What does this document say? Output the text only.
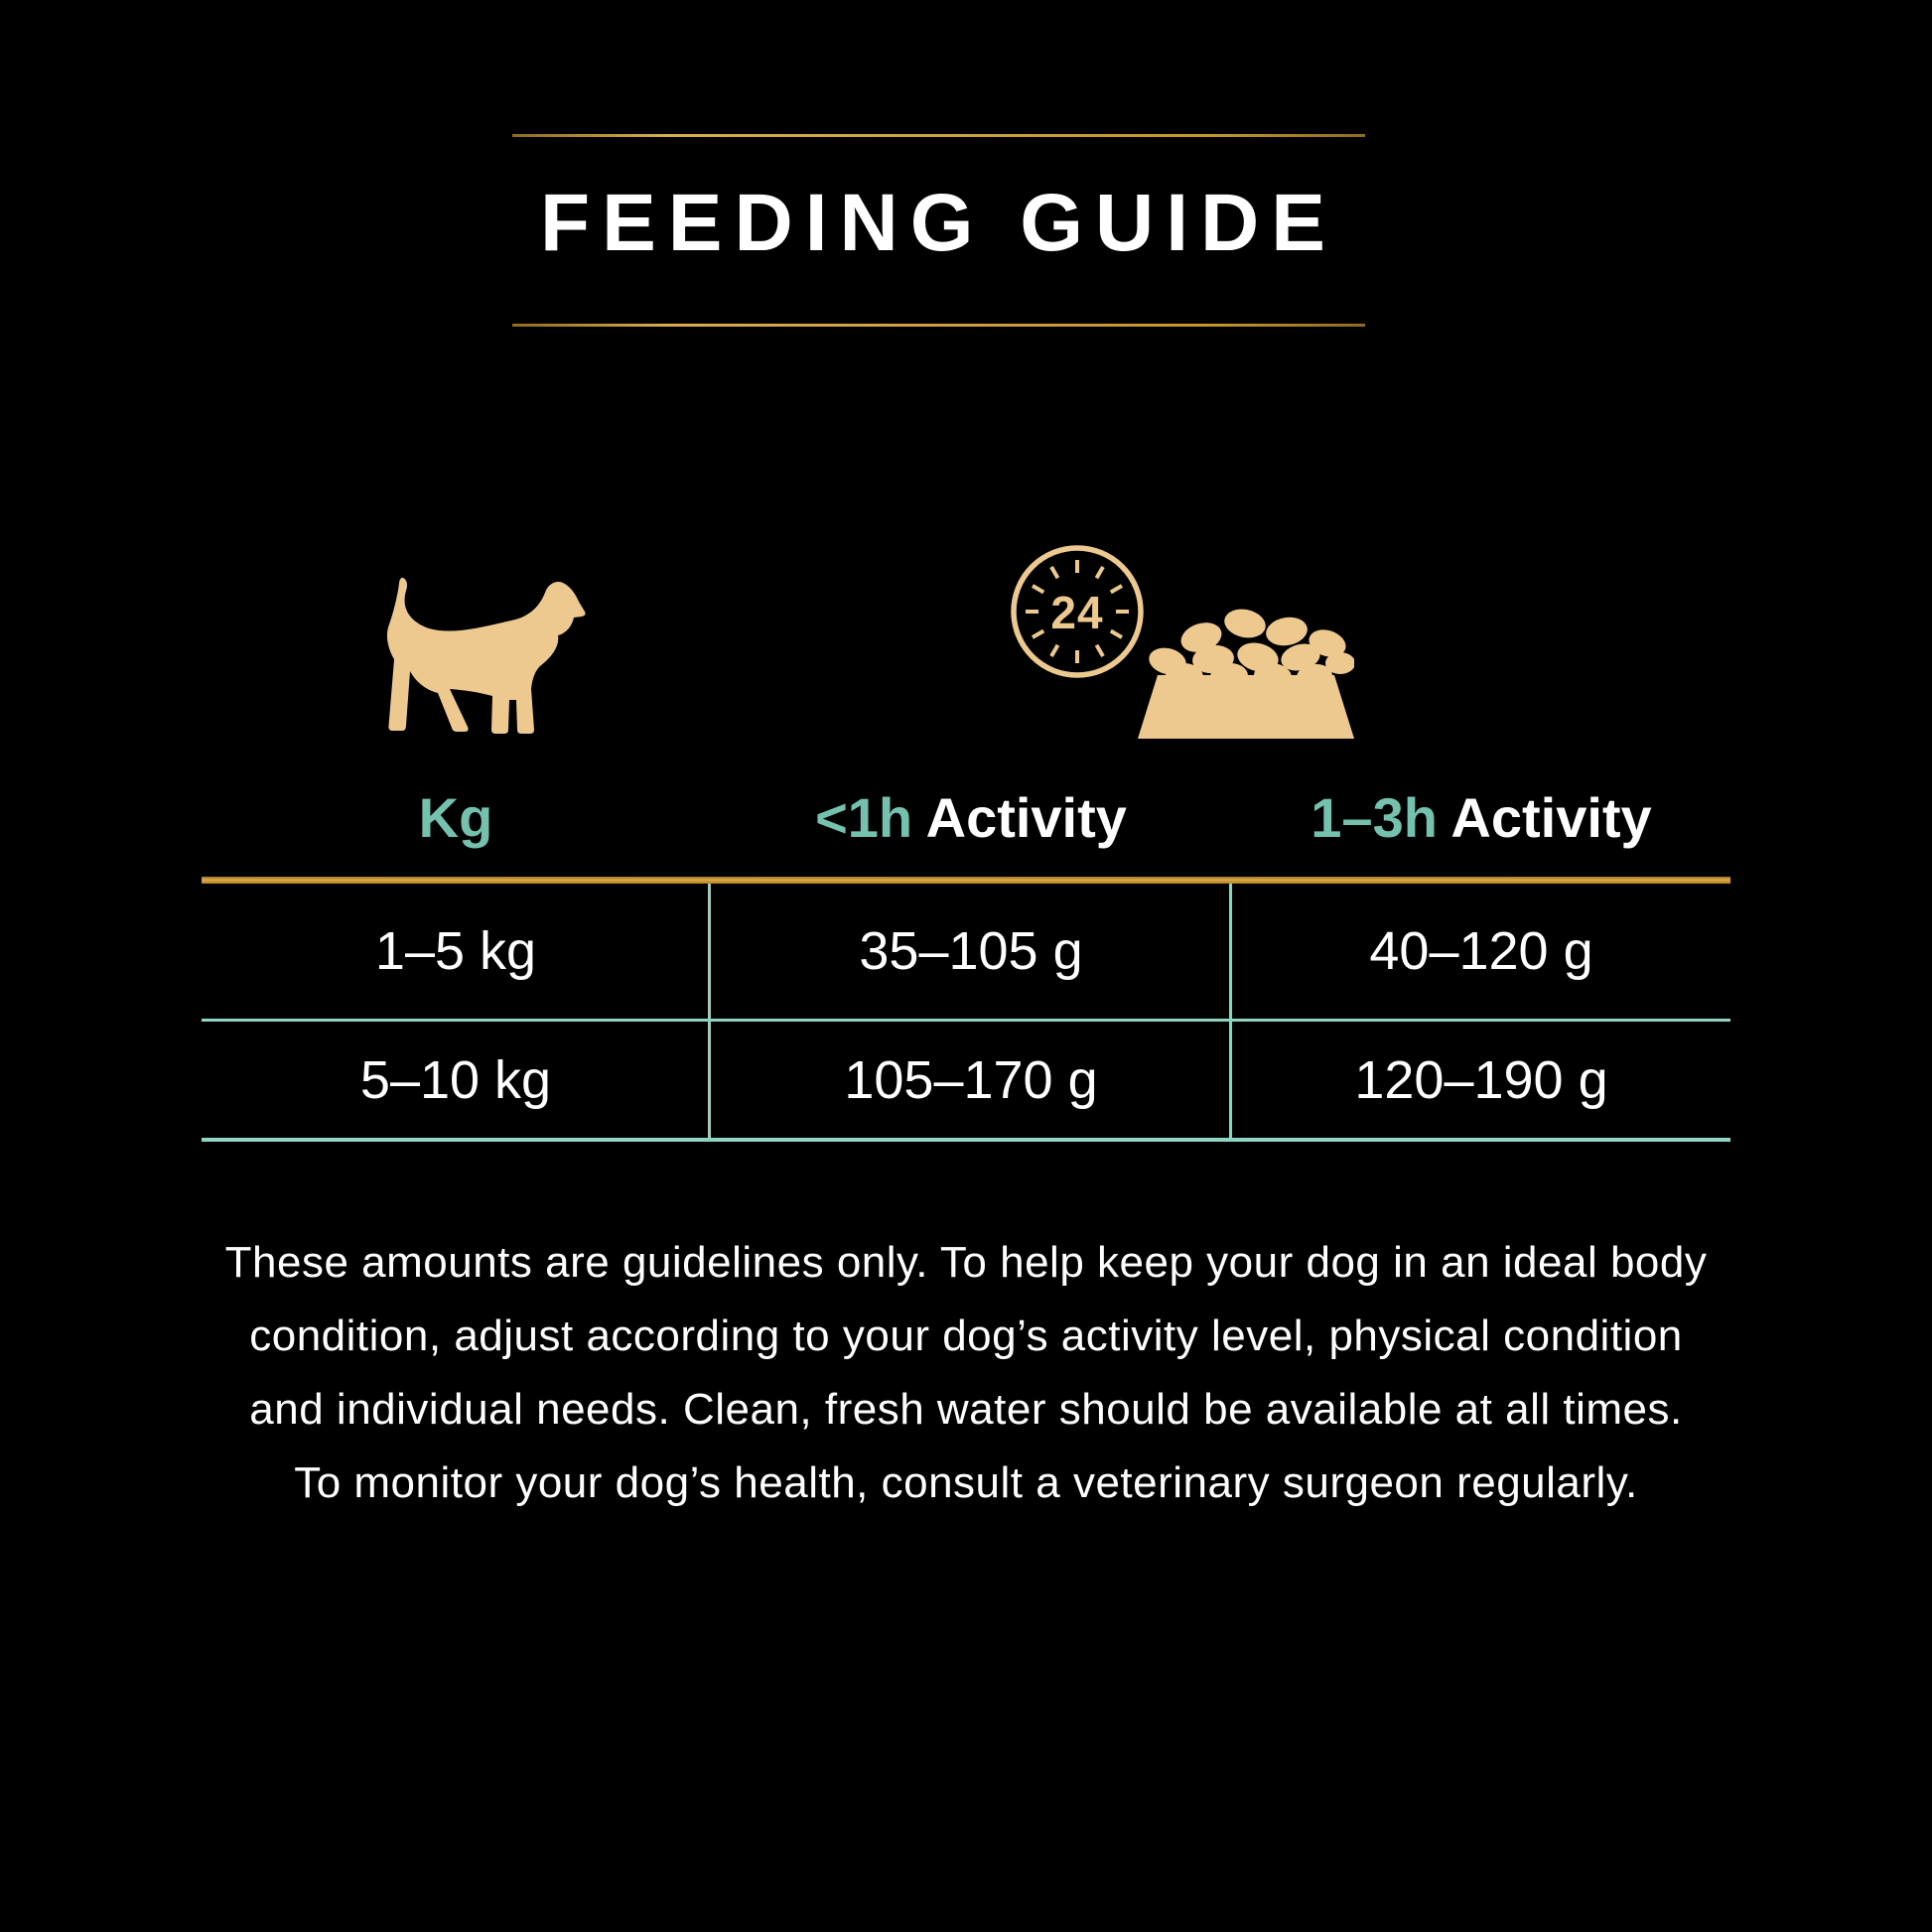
FEEDING GUIDE
24
Kg	<1h Activity	1–3h Activity
1–5 kg	35–105 g	40–120 g
5–10 kg	105–170 g	120–190 g
These amounts are guidelines only. To help keep your dog in an ideal body
condition, adjust according to your dog’s activity level, physical condition
and individual needs. Clean, fresh water should be available at all times.
To monitor your dog’s health, consult a veterinary surgeon regularly.
